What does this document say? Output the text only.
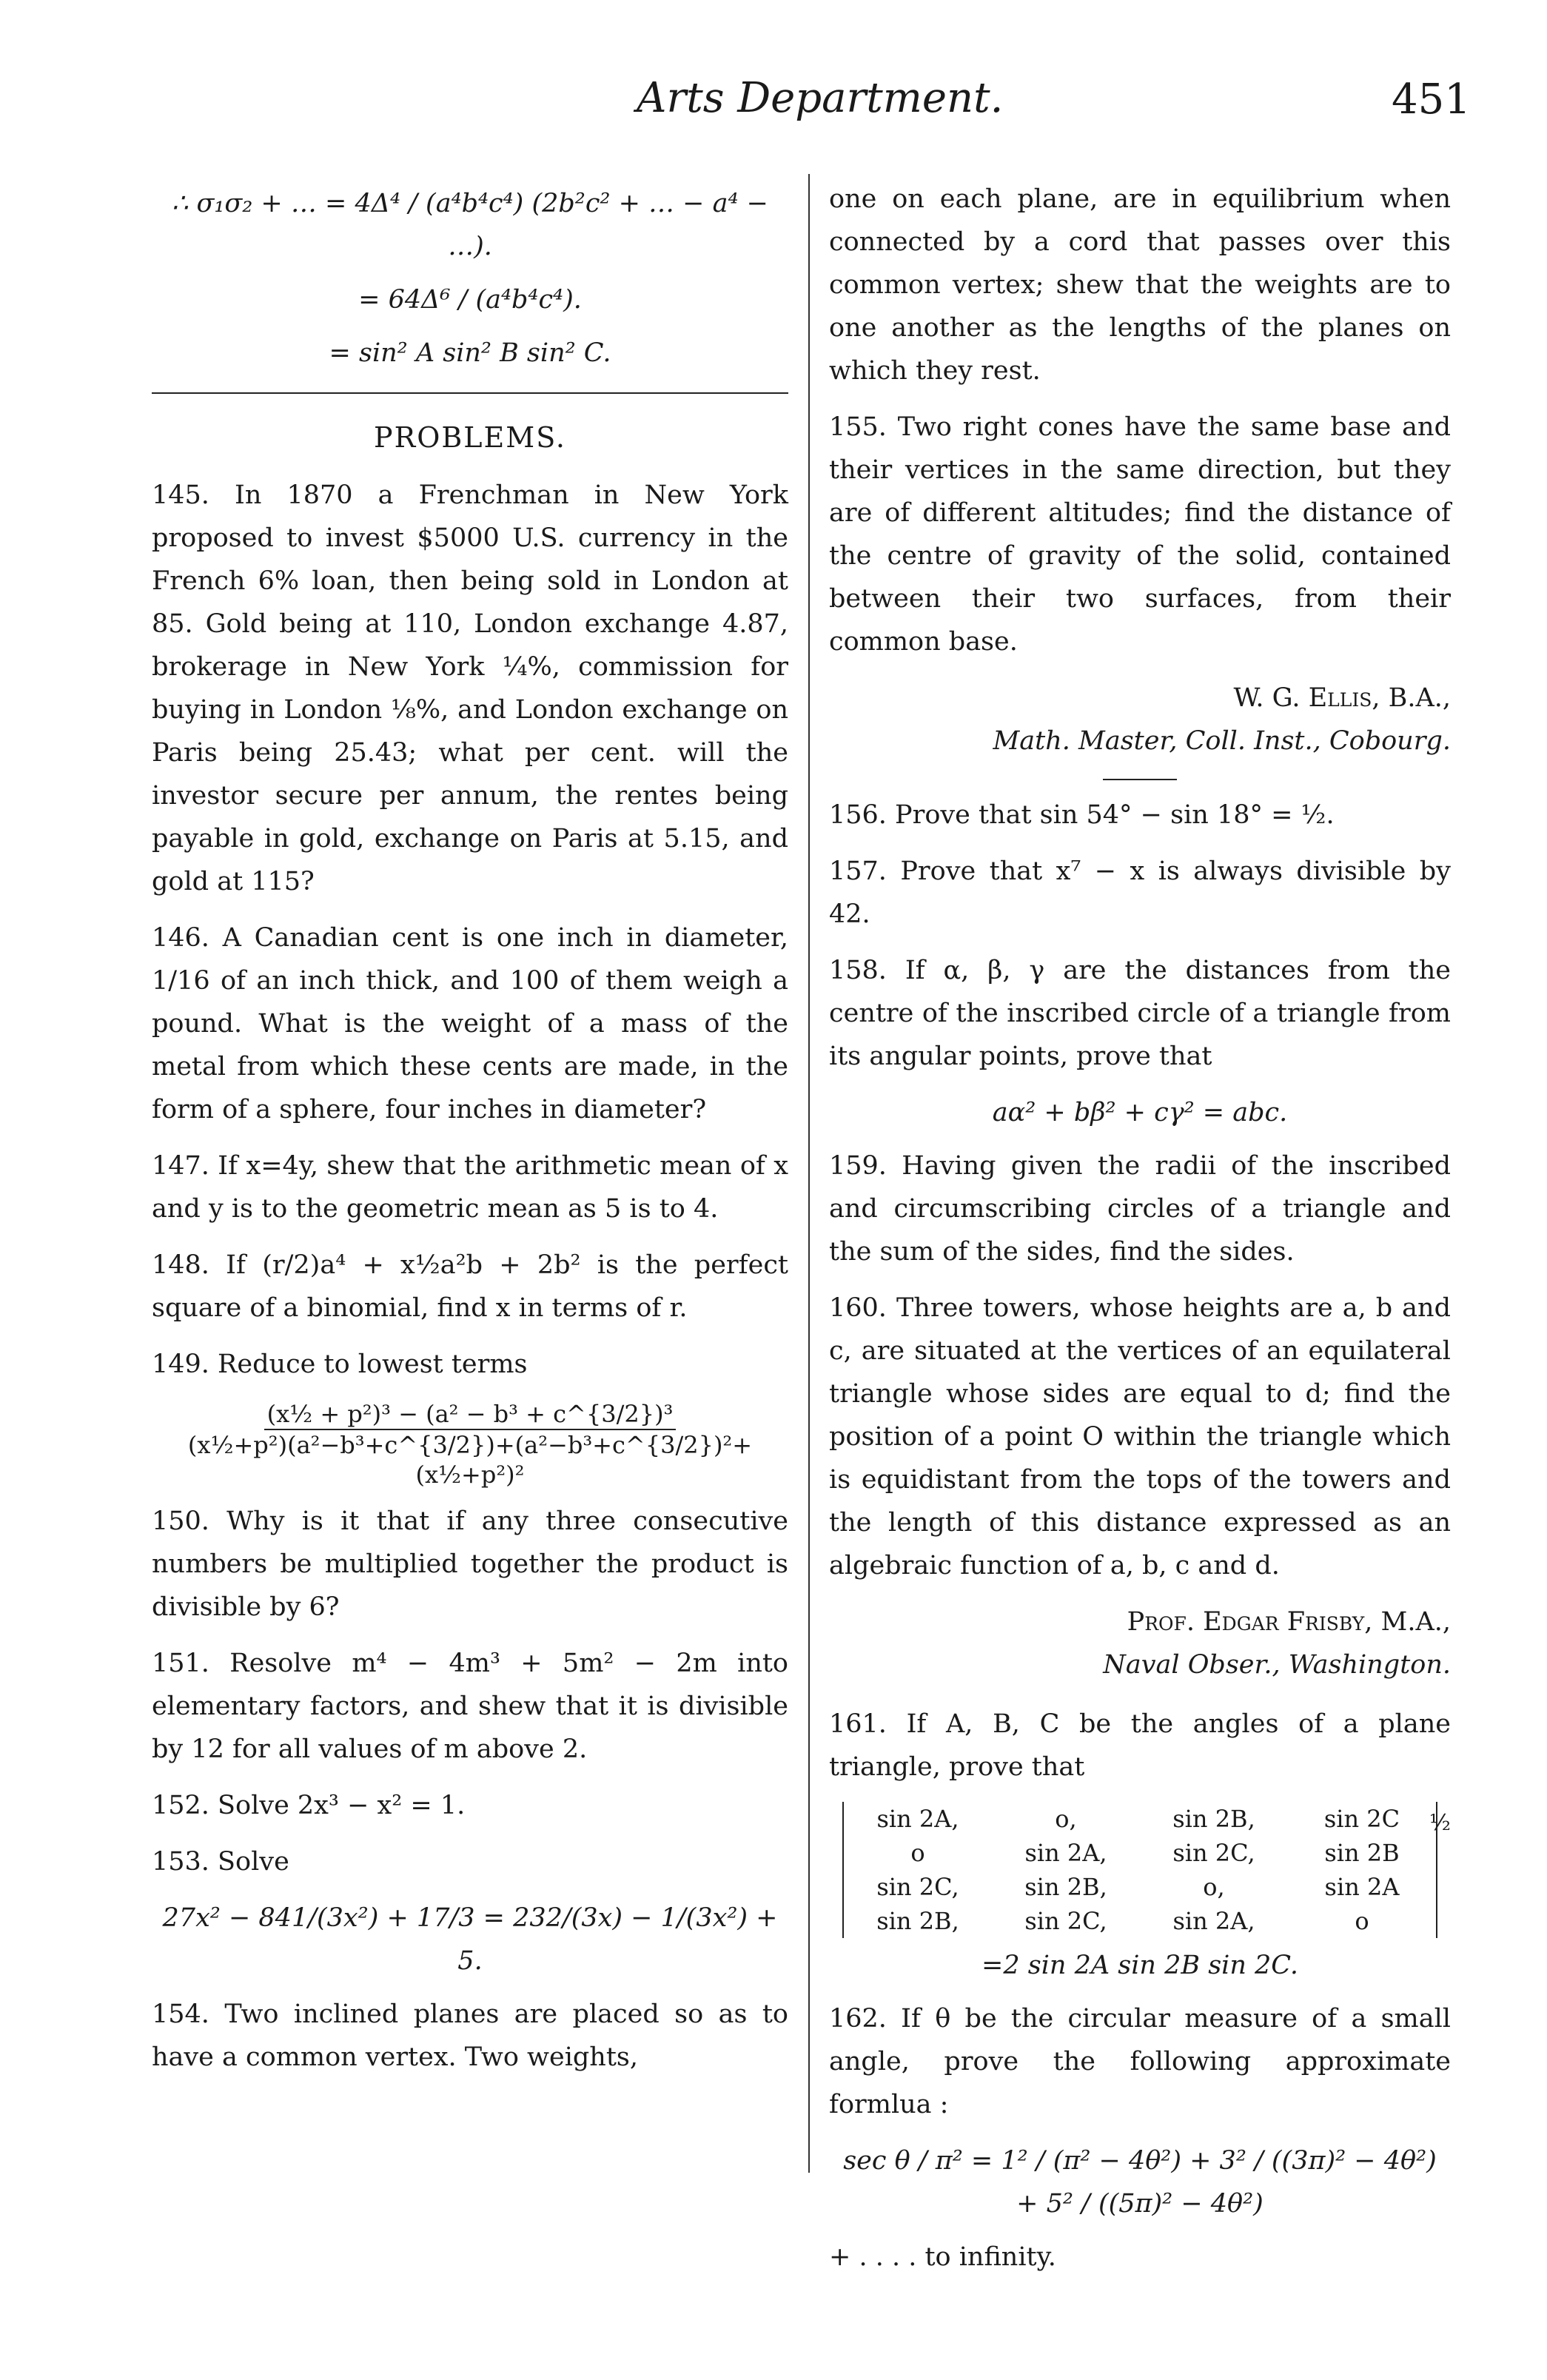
Arts Department.	451
∴ σ₁σ₂ + … = 4Δ⁴ / (a⁴b⁴c⁴) (2b²c² + … − a⁴ − …).
= 64Δ⁶ / (a⁴b⁴c⁴).
= sin² A sin² B sin² C.
PROBLEMS.

145. In 1870 a Frenchman in New York proposed to invest $5000 U.S. currency in the French 6% loan, then being sold in London at 85. Gold being at 110, London exchange 4.87, brokerage in New York ¼%, commission for buying in London ⅛%, and London exchange on Paris being 25.43; what per cent. will the investor secure per annum, the rentes being payable in gold, exchange on Paris at 5.15, and gold at 115?

146. A Canadian cent is one inch in diameter, 1/16 of an inch thick, and 100 of them weigh a pound. What is the weight of a mass of the metal from which these cents are made, in the form of a sphere, four inches in diameter?

147. If x=4y, shew that the arithmetic mean of x and y is to the geometric mean as 5 is to 4.

148. If (r/2)a⁴ + x½a²b + 2b² is the perfect square of a binomial, find x in terms of r.

149. Reduce to lowest terms

(x½ + p²)³ − (a² − b³ + c^{3/2})³
(x½+p²)(a²−b³+c^{3/2})+(a²−b³+c^{3/2})²+(x½+p²)²

150. Why is it that if any three consecutive numbers be multiplied together the product is divisible by 6?

151. Resolve m⁴ − 4m³ + 5m² − 2m into elementary factors, and shew that it is divisible by 12 for all values of m above 2.

152. Solve 2x³ − x² = 1.

153. Solve

27x² − 841/(3x²) + 17/3 = 232/(3x) − 1/(3x²) + 5.

154. Two inclined planes are placed so as to have a common vertex. Two weights,

one on each plane, are in equilibrium when connected by a cord that passes over this common vertex; shew that the weights are to one another as the lengths of the planes on which they rest.

155. Two right cones have the same base and their vertices in the same direction, but they are of different altitudes; find the distance of the centre of gravity of the solid, contained between their two surfaces, from their common base.

W. G. Ellis, B.A.,
Math. Master, Coll. Inst., Cobourg.

156. Prove that sin 54° − sin 18° = ½.

157. Prove that x⁷ − x is always divisible by 42.

158. If α, β, γ are the distances from the centre of the inscribed circle of a triangle from its angular points, prove that

aα² + bβ² + cγ² = abc.

159. Having given the radii of the inscribed and circumscribing circles of a triangle and the sum of the sides, find the sides.

160. Three towers, whose heights are a, b and c, are situated at the vertices of an equilateral triangle whose sides are equal to d; find the position of a point O within the triangle which is equidistant from the tops of the towers and the length of this distance expressed as an algebraic function of a, b, c and d.

Prof. Edgar Frisby, M.A.,
Naval Obser., Washington.

161. If A, B, C be the angles of a plane triangle, prove that

sin 2A,	o,	sin 2B,	sin 2C
o	sin 2A,	sin 2C,	sin 2B
sin 2C,	sin 2B,	o,	sin 2A
sin 2B,	sin 2C,	sin 2A,	o
½
=2 sin 2A sin 2B sin 2C.

162. If θ be the circular measure of a small angle, prove the following approximate formlua :

sec θ / π² = 1² / (π² − 4θ²) + 3² / ((3π)² − 4θ²) + 5² / ((5π)² − 4θ²)
+ . . . . to infinity.
